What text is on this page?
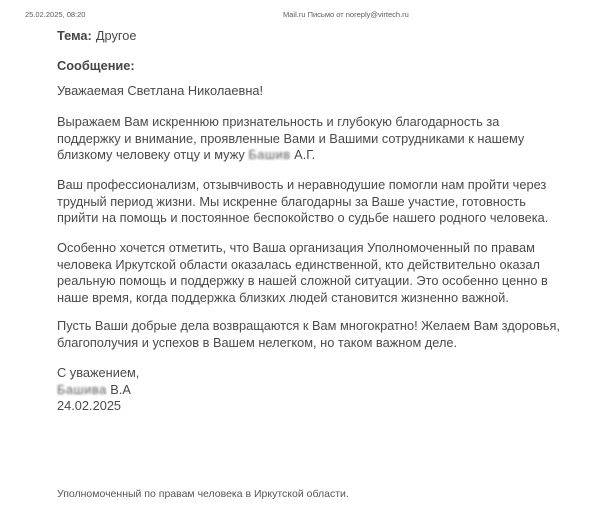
25.02.2025, 08:20	Mail.ru Письмо от noreply@virtech.ru
Тема: Другое
Сообщение:
Уважаемая Светлана Николаевна!
Выражаем Вам искреннюю признательность и глубокую благодарность за
поддержку и внимание, проявленные Вами и Вашими сотрудниками к нашему
близкому человеку отцу и мужу Башив А.Г.
Ваш профессионализм, отзывчивость и неравнодушие помогли нам пройти через
трудный период жизни. Мы искренне благодарны за Ваше участие, готовность
прийти на помощь и постоянное беспокойство о судьбе нашего родного человека.
Особенно хочется отметить, что Ваша организация Уполномоченный по правам
человека Иркутской области оказалась единственной, кто действительно оказал
реальную помощь и поддержку в нашей сложной ситуации. Это особенно ценно в
наше время, когда поддержка близких людей становится жизненно важной.
Пусть Ваши добрые дела возвращаются к Вам многократно! Желаем Вам здоровья,
благополучия и успехов в Вашем нелегком, но таком важном деле.
С уважением,
Башива В.А
24.02.2025
Уполномоченный по правам человека в Иркутской области.
